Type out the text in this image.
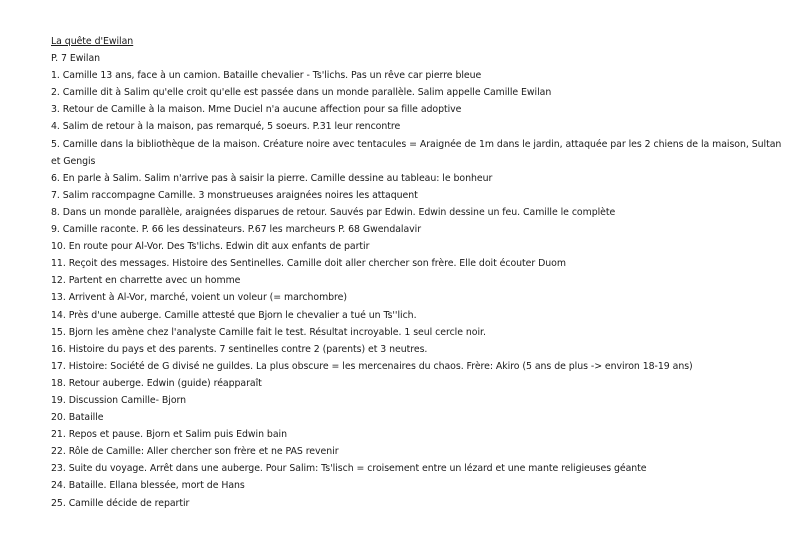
La quête d'Ewilan

P. 7 Ewilan

1. Camille 13 ans, face à un camion. Bataille chevalier - Ts'lichs. Pas un rêve car pierre bleue

2. Camille dit à Salim qu'elle croit qu'elle est passée dans un monde parallèle. Salim appelle Camille Ewilan

3. Retour de Camille à la maison. Mme Duciel n'a aucune affection pour sa fille adoptive

4. Salim de retour à la maison, pas remarqué, 5 soeurs. P.31 leur rencontre

5. Camille dans la bibliothèque de la maison. Créature noire avec tentacules = Araignée de 1m dans le jardin, attaquée par les 2 chiens de la maison, Sultan et Gengis

6. En parle à Salim. Salim n'arrive pas à saisir la pierre. Camille dessine au tableau: le bonheur

7. Salim raccompagne Camille. 3 monstrueuses araignées noires les attaquent

8. Dans un monde parallèle, araignées disparues de retour. Sauvés par Edwin. Edwin dessine un feu. Camille le complète

9. Camille raconte. P. 66 les dessinateurs. P.67 les marcheurs P. 68 Gwendalavir

10. En route pour Al-Vor. Des Ts'lichs. Edwin dit aux enfants de partir

11. Reçoit des messages. Histoire des Sentinelles. Camille doit aller chercher son frère. Elle doit écouter Duom

12. Partent en charrette avec un homme

13. Arrivent à Al-Vor, marché, voient un voleur (= marchombre)

14. Près d'une auberge. Camille attesté que Bjorn le chevalier a tué un Ts''lich.

15. Bjorn les amène chez l'analyste Camille fait le test. Résultat incroyable. 1 seul cercle noir.

16. Histoire du pays et des parents. 7 sentinelles contre 2 (parents) et 3 neutres.

17. Histoire: Société de G divisé ne guildes. La plus obscure = les mercenaires du chaos. Frère: Akiro (5 ans de plus -> environ 18-19 ans)

18. Retour auberge. Edwin (guide) réapparaît

19. Discussion Camille- Bjorn

20. Bataille

21. Repos et pause. Bjorn et Salim puis Edwin bain

22. Rôle de Camille: Aller chercher son frère et ne PAS revenir

23. Suite du voyage. Arrêt dans une auberge. Pour Salim: Ts'lisch = croisement entre un lézard et une mante religieuses géante

24. Bataille. Ellana blessée, mort de Hans

25. Camille décide de repartir
